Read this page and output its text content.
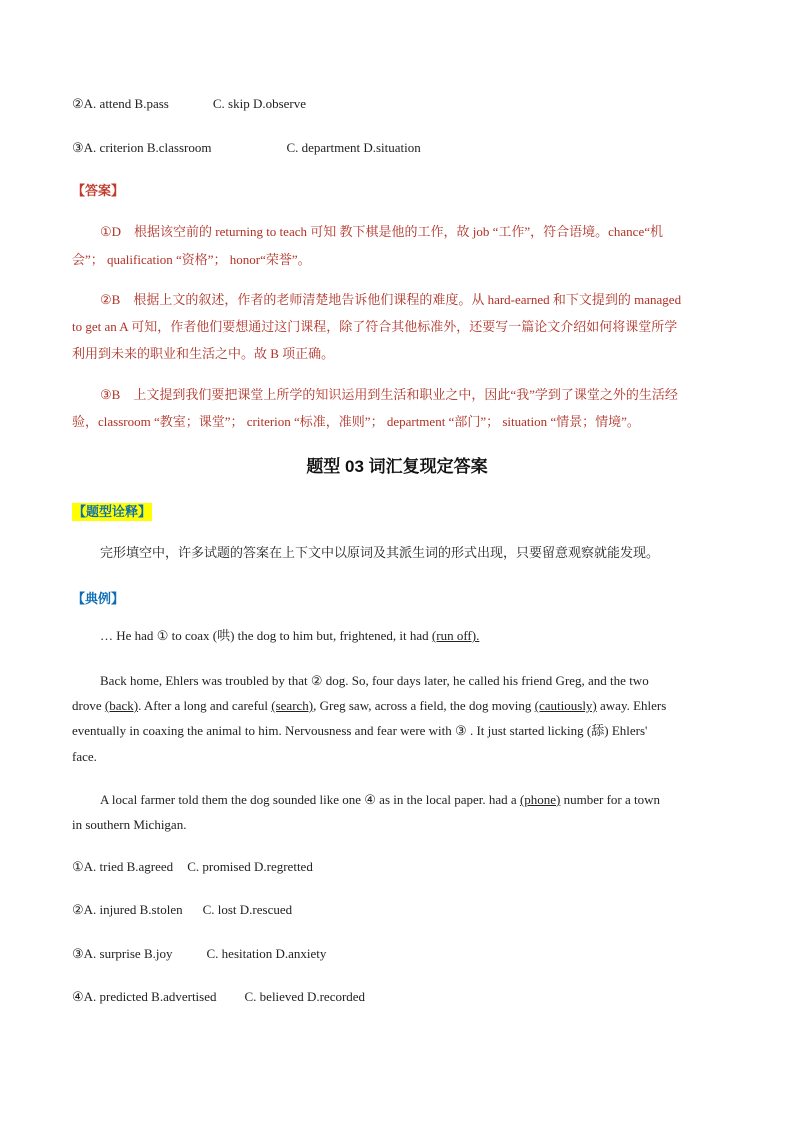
②A. attend B.pass	C. skip D.observe
③A. criterion B.classroom	C. department D.situation
【答案】
①D　根据该空前的 returning to teach 可知 教下棋是他的工作，故 job “工作”，符合语境。chance“机
会”； qualification “资格”； honor“荣誉”。
②B　根据上文的叙述，作者的老师清楚地告诉他们课程的难度。从 hard-earned 和下文提到的 managed
to get an A 可知，作者他们要想通过这门课程，除了符合其他标准外，还要写一篇论文介绍如何将课堂所学
利用到未来的职业和生活之中。故 B 项正确。
③B　上文提到我们要把课堂上所学的知识运用到生活和职业之中，因此“我”学到了课堂之外的生活经
验，classroom “教室；课堂”； criterion “标准，准则”； department “部门”； situation “情景；情境”。
题型 03 词汇复现定答案
【题型诠释】
完形填空中，许多试题的答案在上下文中以原词及其派生词的形式出现，只要留意观察就能发现。
【典例】
… He had ① to coax (哄) the dog to him but, frightened, it had (run off).
Back home, Ehlers was troubled by that ② dog. So, four days later, he called his friend Greg, and the two
drove (back). After a long and careful (search), Greg saw, across a field, the dog moving (cautiously) away. Ehlers
eventually in coaxing the animal to him. Nervousness and fear were with ③ . It just started licking (舔) Ehlers'
face.
A local farmer told them the dog sounded like one ④ as in the local paper. had a (phone) number for a town
in southern Michigan.
①A. tried B.agreed C. promised D.regretted
②A. injured B.stolen C. lost D.rescued
③A. surprise B.joy	C. hesitation D.anxiety
④A. predicted B.advertised C. believed D.recorded
